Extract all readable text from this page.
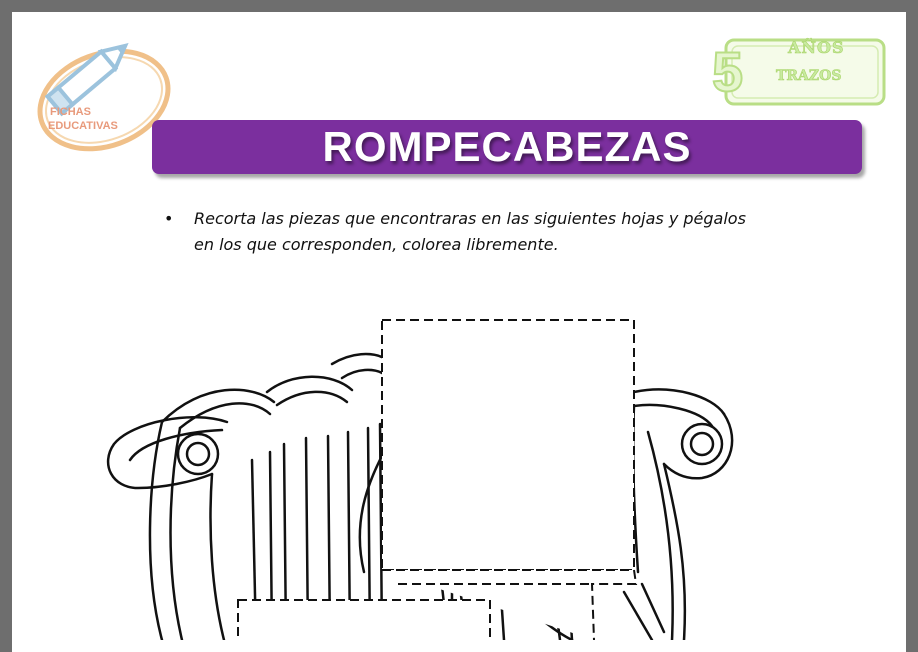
FICHAS
EDUCATIVAS
5	AÑOS
TRAZOS
ROMPECABEZAS
•	Recorta las piezas que encontraras en las siguientes hojas y pégalos
en los que corresponden, colorea libremente.
